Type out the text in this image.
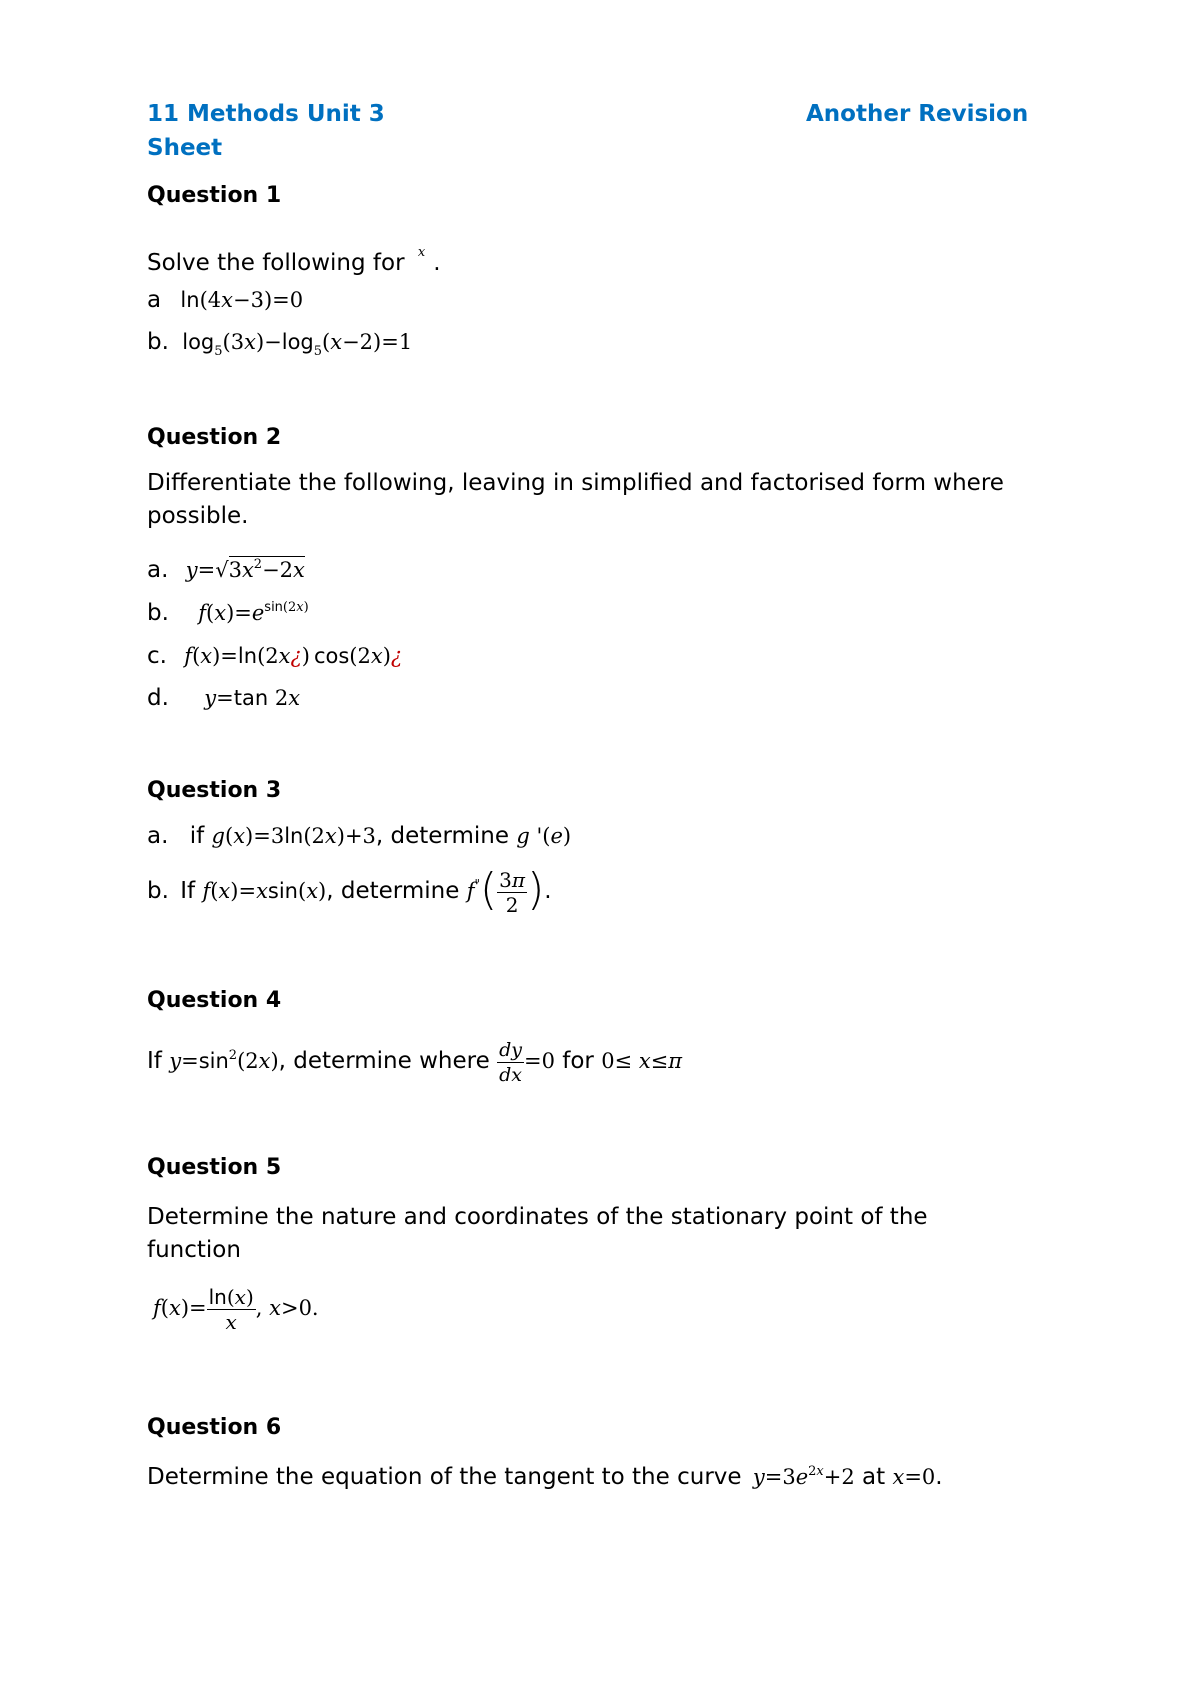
11 Methods Unit 3	Another Revision
Sheet
Question 1
Solve the following for $^x$ .
a ln(4x−3)=0
b. $\log_5(3x)-\log_5(x-2)=1$
Question 2
Differentiate the following, leaving in simplified and factorised form where
possible.
a. $y=√3x^2-2x$
b. $f(x)=e^{sin(2x)}$
c. f(x)=ln(2x¿) cos(2x)¿
d. y=tan 2x
Question 3
a. if g(x)=3ln(2x)+3, determine g '(e)
b. If f(x)=xsin(x), determine $f^"( \frac{3\pi}{2}$ ).
Question 4
If $y=\sin^2(2x)$, determine where $\frac{dy}{dx} =0$ for 0≤ x≤π
Question 5
Determine the nature and coordinates of the stationary point of the
function
$f(x)= \frac{\ln(x)}{x}$ , x>0.
Question 6
Determine the equation of the tangent to the curve $y=3e^{2x}+2$ at x=0.
